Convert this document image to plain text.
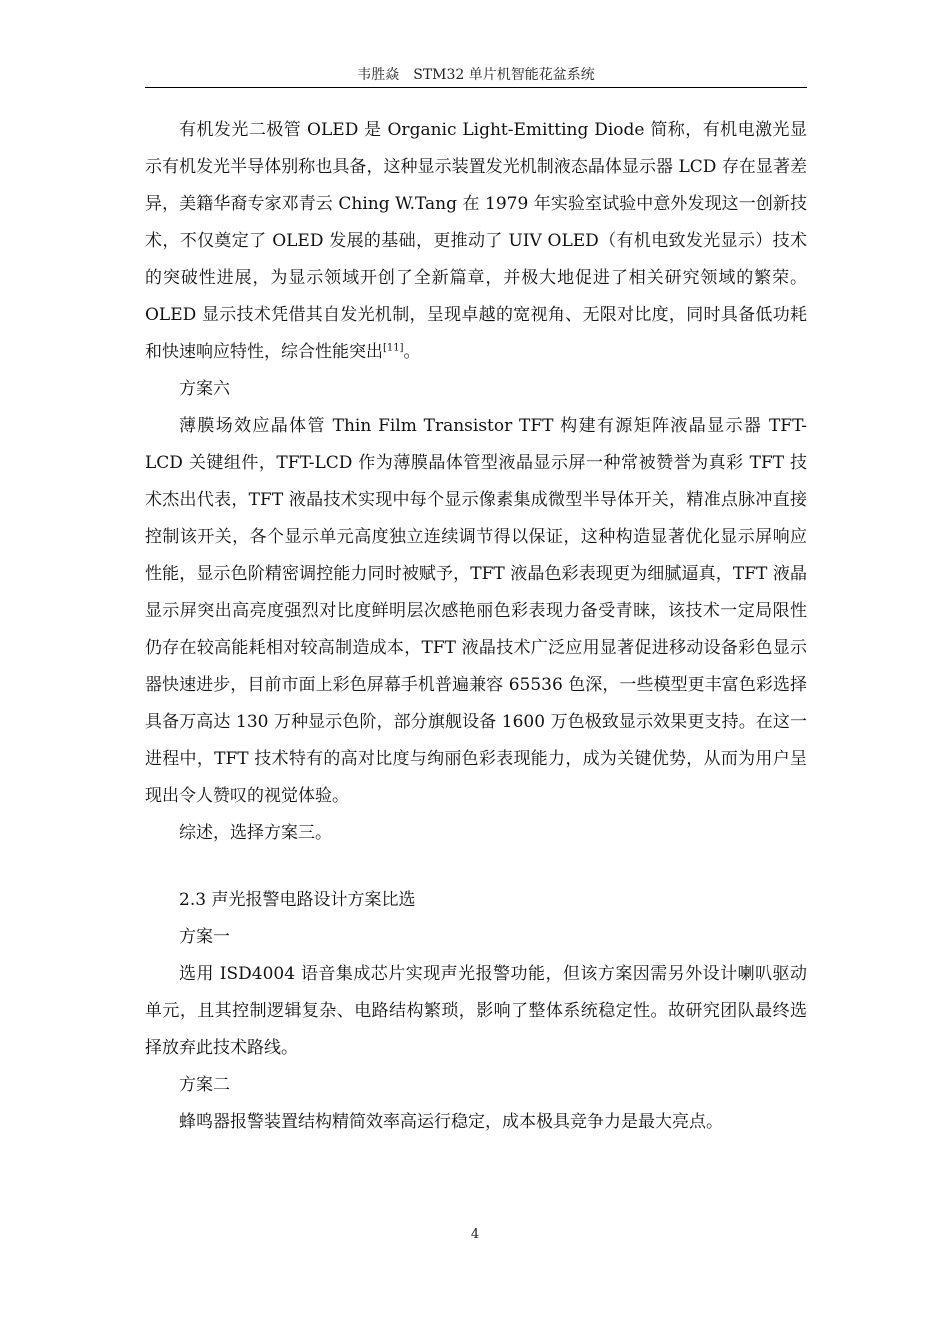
韦胜焱　STM32 单片机智能花盆系统

有机发光二极管 OLED 是 Organic Light-Emitting Diode 简称，有机电激光显示有机发光半导体别称也具备，这种显示装置发光机制液态晶体显示器 LCD 存在显著差异，美籍华裔专家邓青云 Ching W.Tang 在 1979 年实验室试验中意外发现这一创新技术，不仅奠定了 OLED 发展的基础，更推动了 UIV OLED（有机电致发光显示）技术的突破性进展，为显示领域开创了全新篇章，并极大地促进了相关研究领域的繁荣。OLED 显示技术凭借其自发光机制，呈现卓越的宽视角、无限对比度，同时具备低功耗和快速响应特性，综合性能突出[11]。

方案六

薄膜场效应晶体管 Thin Film Transistor TFT 构建有源矩阵液晶显示器 TFT-LCD 关键组件，TFT-LCD 作为薄膜晶体管型液晶显示屏一种常被赞誉为真彩 TFT 技术杰出代表，TFT 液晶技术实现中每个显示像素集成微型半导体开关，精准点脉冲直接控制该开关，各个显示单元高度独立连续调节得以保证，这种构造显著优化显示屏响应性能，显示色阶精密调控能力同时被赋予，TFT 液晶色彩表现更为细腻逼真，TFT 液晶显示屏突出高亮度强烈对比度鲜明层次感艳丽色彩表现力备受青睐，该技术一定局限性仍存在较高能耗相对较高制造成本，TFT 液晶技术广泛应用显著促进移动设备彩色显示器快速进步，目前市面上彩色屏幕手机普遍兼容 65536 色深，一些模型更丰富色彩选择具备万高达 130 万种显示色阶，部分旗舰设备 1600 万色极致显示效果更支持。在这一进程中，TFT 技术特有的高对比度与绚丽色彩表现能力，成为关键优势，从而为用户呈现出令人赞叹的视觉体验。

综述，选择方案三。

2.3 声光报警电路设计方案比选

方案一

选用 ISD4004 语音集成芯片实现声光报警功能，但该方案因需另外设计喇叭驱动单元，且其控制逻辑复杂、电路结构繁琐，影响了整体系统稳定性。故研究团队最终选择放弃此技术路线。

方案二

蜂鸣器报警装置结构精简效率高运行稳定，成本极具竞争力是最大亮点。

4
